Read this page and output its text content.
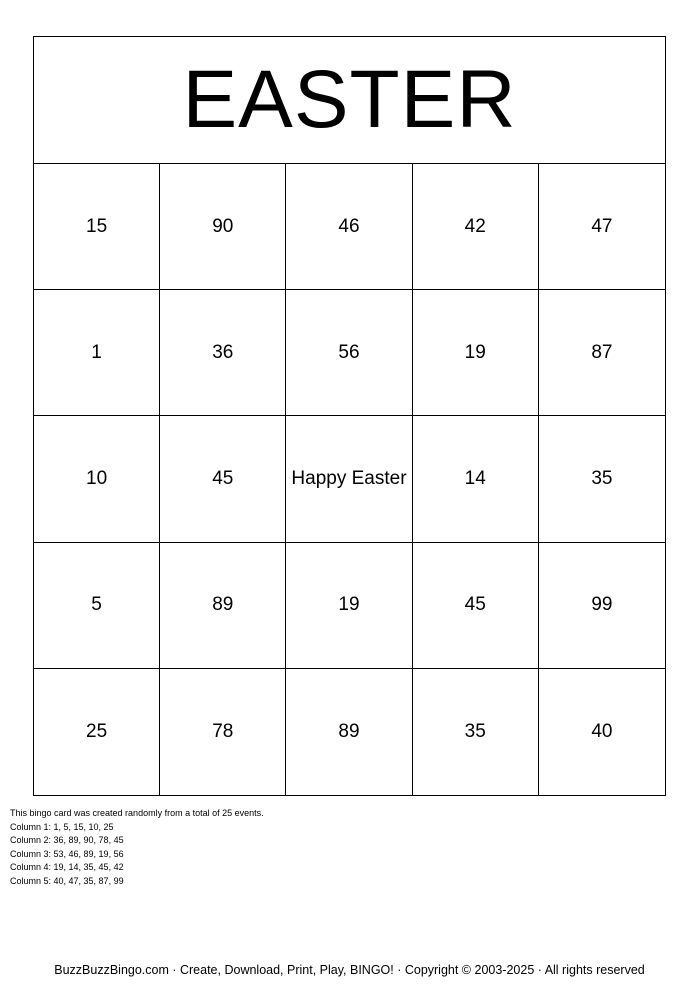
EASTER
15	90	46	42	47
1	36	56	19	87
10	45	Happy Easter	14	35
5	89	19	45	99
25	78	89	35	40
This bingo card was created randomly from a total of 25 events.
Column 1: 1, 5, 15, 10, 25
Column 2: 36, 89, 90, 78, 45
Column 3: 53, 46, 89, 19, 56
Column 4: 19, 14, 35, 45, 42
Column 5: 40, 47, 35, 87, 99
BuzzBuzzBingo.com · Create, Download, Print, Play, BINGO! · Copyright © 2003-2025 · All rights reserved
